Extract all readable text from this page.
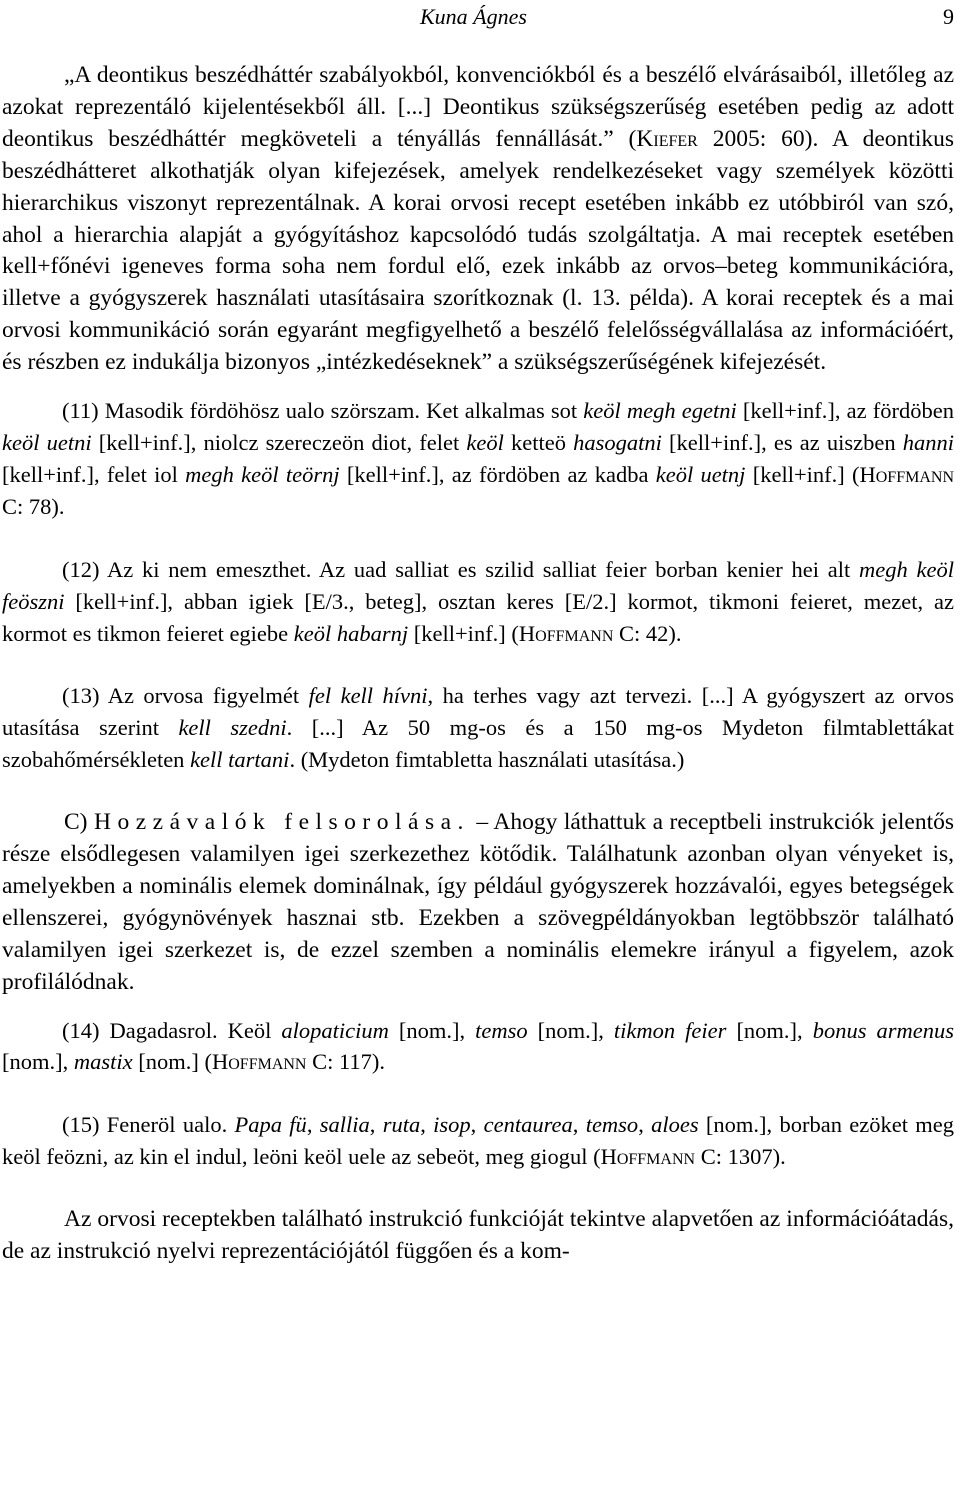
Kuna Ágnes	9

„A deontikus beszédháttér szabályokból, konvenciókból és a beszélő elvárásaiból, illetőleg az azokat reprezentáló kijelentésekből áll. [...] Deontikus szükségszerűség esetében pedig az adott deontikus beszédháttér megköveteli a tényállás fennállását.” (Kiefer 2005: 60). A deontikus beszédhátteret alkothatják olyan kifejezések, amelyek rendelkezéseket vagy személyek közötti hierarchikus viszonyt reprezentálnak. A korai orvosi recept esetében inkább ez utóbbiról van szó, ahol a hierarchia alapját a gyógyításhoz kapcsolódó tudás szolgáltatja. A mai receptek esetében kell+főnévi igeneves forma soha nem fordul elő, ezek inkább az orvos–beteg kommunikációra, illetve a gyógyszerek használati utasításaira szorítkoznak (l. 13. példa). A korai receptek és a mai orvosi kommunikáció során egyaránt megfigyelhető a beszélő felelősségvállalása az információért, és részben ez indukálja bizonyos „intézkedéseknek” a szükségszerűségének kifejezését.

(11) Masodik fördöhösz ualo szörszam. Ket alkalmas sot keöl megh egetni [kell+inf.], az fördöben keöl uetni [kell+inf.], niolcz szereczeön diot, felet keöl ketteö hasogatni [kell+inf.], es az uiszben hanni [kell+inf.], felet iol megh keöl teörnj [kell+inf.], az fördöben az kadba keöl uetnj [kell+inf.] (Hoffmann C: 78).

(12) Az ki nem emeszthet. Az uad salliat es szilid salliat feier borban kenier hei alt megh keöl feöszni [kell+inf.], abban igiek [E/3., beteg], osztan keres [E/2.] kormot, tikmoni feieret, mezet, az kormot es tikmon feieret egiebe keöl habarnj [kell+inf.] (Hoffmann C: 42).

(13) Az orvosa figyelmét fel kell hívni, ha terhes vagy azt tervezi. [...] A gyógyszert az orvos utasítása szerint kell szedni. [...] Az 50 mg-os és a 150 mg-os Mydeton filmtablettákat szobahőmérsékleten kell tartani. (Mydeton fimtabletta használati utasítása.)

C) Hozzávalók felsorolása. – Ahogy láthattuk a receptbeli instrukciók jelentős része elsődlegesen valamilyen igei szerkezethez kötődik. Találhatunk azonban olyan vényeket is, amelyekben a nominális elemek dominálnak, így például gyógyszerek hozzávalói, egyes betegségek ellenszerei, gyógynövények hasznai stb. Ezekben a szövegpéldányokban legtöbbször található valamilyen igei szerkezet is, de ezzel szemben a nominális elemekre irányul a figyelem, azok profilálódnak.

(14) Dagadasrol. Keöl alopaticium [nom.], temso [nom.], tikmon feier [nom.], bonus armenus [nom.], mastix [nom.] (Hoffmann C: 117).

(15) Feneröl ualo. Papa fü, sallia, ruta, isop, centaurea, temso, aloes [nom.], borban ezöket meg keöl feözni, az kin el indul, leöni keöl uele az sebeöt, meg giogul (Hoffmann C: 1307).

Az orvosi receptekben található instrukció funkcióját tekintve alapvetően az információátadás, de az instrukció nyelvi reprezentációjától függően és a kom-
